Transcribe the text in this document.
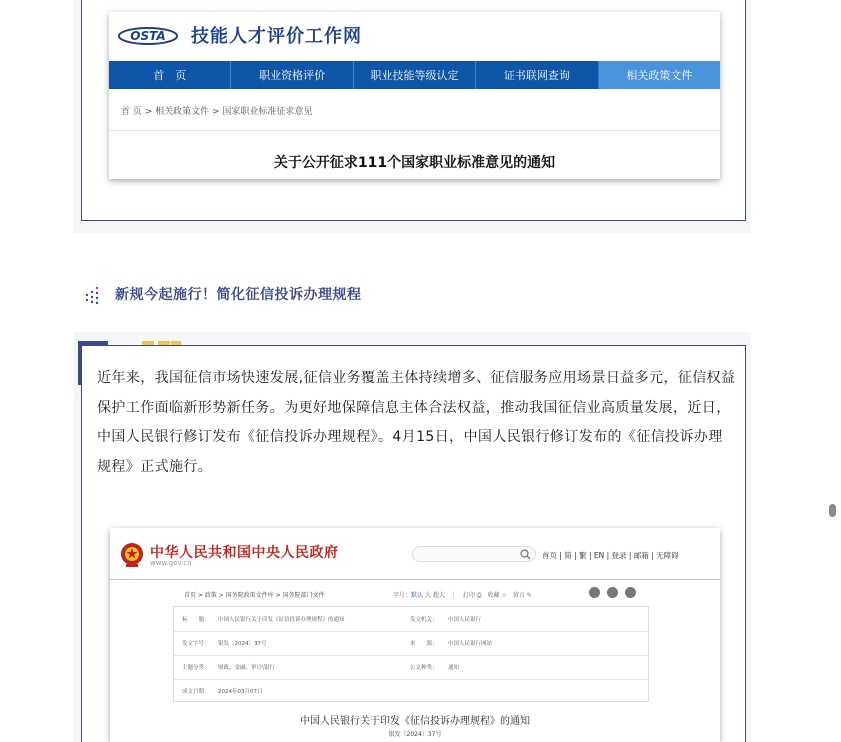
OSTA 技能人才评价工作网
首　页	职业资格评价	职业技能等级认定	证书联网查询	相关政策文件
首 页 > 相关政策文件 > 国家职业标准征求意见
关于公开征求111个国家职业标准意见的通知
新规今起施行！简化征信投诉办理规程

近年来，我国征信市场快速发展,征信业务覆盖主体持续增多、征信服务应用场景日益多元，征信权益保护工作面临新形势新任务。为更好地保障信息主体合法权益，推动我国征信业高质量发展，近日，中国人民银行修订发布《征信投诉办理规程》。4月15日，中国人民银行修订发布的《征信投诉办理规程》正式施行。

中华人民共和国中央人民政府
www.gov.cn
首页 | 简 | 繁 | EN | 登录 | 邮箱 | 无障碍
首页 > 政策 > 国务院政策文件库 > 国务院部门文件	字号：默认 大 超大　｜　打印 ⎙　收藏 ☆　留言 ✎
标　　题： 中国人民银行关于印发《征信投诉办理规程》的通知	发文机关： 中国人民银行
发文字号： 银发〔2024〕37号	来　　源： 中国人民银行网站
主题分类： 财政、金融、审计\银行	公文种类： 通知
成文日期： 2024年03月07日
中国人民银行关于印发《征信投诉办理规程》的通知
银发〔2024〕37号
